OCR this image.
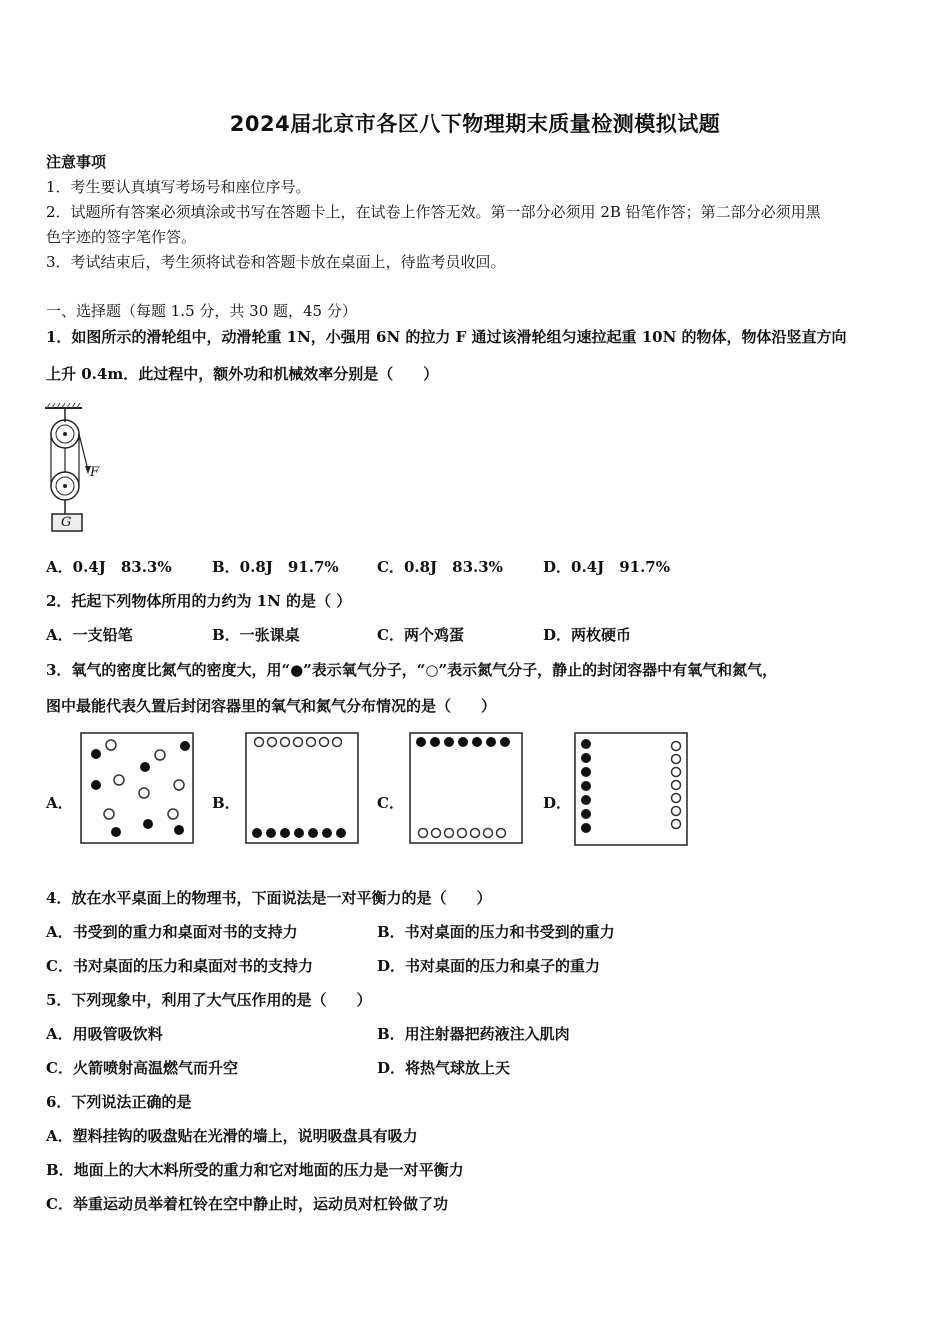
2024届北京市各区八下物理期末质量检测模拟试题
注意事项
1．考生要认真填写考场号和座位序号。
2．试题所有答案必须填涂或书写在答题卡上，在试卷上作答无效。第一部分必须用 2B 铅笔作答；第二部分必须用黑
色字迹的签字笔作答。
3．考试结束后，考生须将试卷和答题卡放在桌面上，待监考员收回。
一、选择题（每题 1.5 分，共 30 题，45 分）
1．如图所示的滑轮组中，动滑轮重 1N，小强用 6N 的拉力 F 通过该滑轮组匀速拉起重 10N 的物体，物体沿竖直方向
上升 0.4m．此过程中，额外功和机械效率分别是（　　）
F
G
A．0.4J　83.3%	B．0.8J　91.7%	C．0.8J　83.3%	D．0.4J　91.7%
2．托起下列物体所用的力约为 1N 的是（ ）
A．一支铅笔	B．一张课桌	C．两个鸡蛋	D．两枚硬币
3．氧气的密度比氮气的密度大，用“●”表示氧气分子，“○”表示氮气分子，静止的封闭容器中有氧气和氮气，
图中最能代表久置后封闭容器里的氧气和氮气分布情况的是（　　）
A．	B．	C．	D．
4．放在水平桌面上的物理书，下面说法是一对平衡力的是（　　）
A．书受到的重力和桌面对书的支持力	B．书对桌面的压力和书受到的重力
C．书对桌面的压力和桌面对书的支持力	D．书对桌面的压力和桌子的重力
5．下列现象中，利用了大气压作用的是（　　）
A．用吸管吸饮料	B．用注射器把药液注入肌肉
C．火箭喷射高温燃气而升空	D．将热气球放上天
6．下列说法正确的是
A．塑料挂钩的吸盘贴在光滑的墙上，说明吸盘具有吸力
B．地面上的大木料所受的重力和它对地面的压力是一对平衡力
C．举重运动员举着杠铃在空中静止时，运动员对杠铃做了功
